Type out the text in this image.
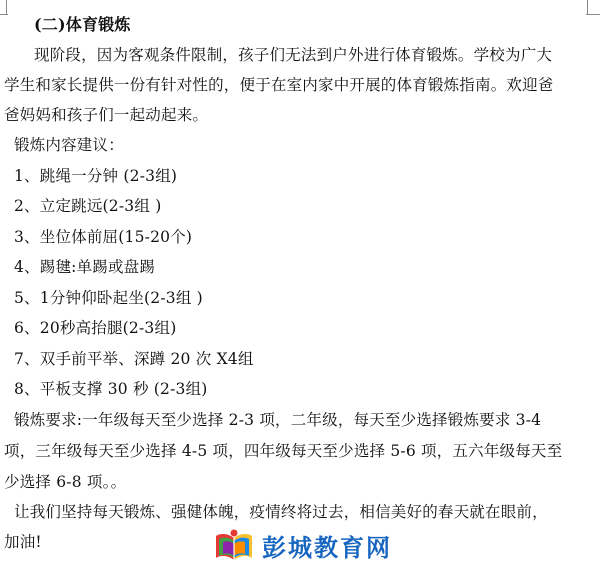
(二)体育锻炼
现阶段，因为客观条件限制，孩子们无法到户外进行体育锻炼。学校为广大
学生和家长提供一份有针对性的，便于在室内家中开展的体育锻炼指南。欢迎爸
爸妈妈和孩子们一起动起来。
锻炼内容建议：
1、跳绳一分钟 (2-3组)
2、立定跳远(2-3组 )
3、坐位体前屈(15-20个)
4、踢毽:单踢或盘踢
5、1分钟仰卧起坐(2-3组 )
6、20秒高抬腿(2-3组)
7、双手前平举、深蹲 20 次 X4组
8、平板支撑 30 秒 (2-3组)
锻炼要求:一年级每天至少选择 2-3 项，二年级，每天至少选择锻炼要求 3-4
项，三年级每天至少选择 4-5 项，四年级每天至少选择 5-6 项，五六年级每天至
少选择 6-8 项。。
让我们坚持每天锻炼、强健体魄，疫情终将过去，相信美好的春天就在眼前，
加油!	彭城教育网
